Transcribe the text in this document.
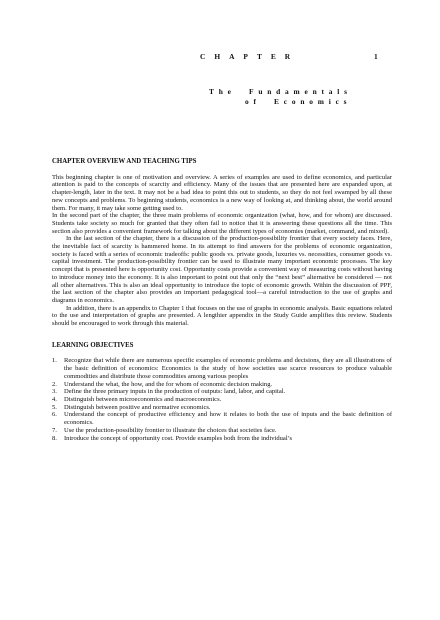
CHAPTER	1
The  Fundamentals
of  Economics
CHAPTER OVERVIEW AND TEACHING TIPS

This beginning chapter is one of motivation and overview. A series of examples are used to define economics, and particular attention is paid to the concepts of scarcity and efficiency. Many of the issues that are presented here are expanded upon, at chapter-length, later in the text. It may not be a bad idea to point this out to students, so they do not feel swamped by all these new concepts and problems. To beginning students, economics is a new way of looking at, and thinking about, the world around them. For many, it may take some getting used to.

In the second part of the chapter, the three main problems of economic organization (what, how, and for whom) are discussed. Students take society so much for granted that they often fail to notice that it is answering these questions all the time. This section also provides a convenient framework for talking about the different types of economies (market, command, and mixed).

In the last section of the chapter, there is a discussion of the production-possibility frontier that every society faces. Here, the inevitable fact of scarcity is hammered home. In its attempt to find answers for the problems of economic organization, society is faced with a series of economic tradeoffs: public goods vs. private goods, luxuries vs. necessities, consumer goods vs. capital investment. The production-possibility frontier can be used to illustrate many important economic processes. The key concept that is presented here is opportunity cost. Opportunity costs provide a convenient way of measuring costs without having to introduce money into the economy. It is also important to point out that only the “next best” alternative be considered — not all other alternatives. This is also an ideal opportunity to introduce the topic of economic growth. Within the discussion of PPF, the last section of the chapter also provides an important pedagogical tool—a careful introduction to the use of graphs and diagrams in economics.

In addition, there is an appendix to Chapter 1 that focuses on the use of graphs in economic analysis. Basic equations related to the use and interpretation of graphs are presented. A lengthier appendix in the Study Guide amplifies this review. Students should be encouraged to work through this material.

LEARNING OBJECTIVES
1. Recognize that while there are numerous specific examples of economic problems and decisions, they are all illustrations of the basic definition of economics: Economics is the study of how societies use scarce resources to produce valuable commodities and distribute those commodities among various peoples
2. Understand the what, the how, and the for whom of economic decision making.
3. Define the three primary inputs in the production of outputs: land, labor, and capital.
4. Distinguish between microeconomics and macroeconomics.
5. Distinguish between positive and normative economics.
6. Understand the concept of productive efficiency and how it relates to both the use of inputs and the basic definition of economics.
7. Use the production-possibility frontier to illustrate the choices that societies face.
8. Introduce the concept of opportunity cost. Provide examples both from the individual’s
